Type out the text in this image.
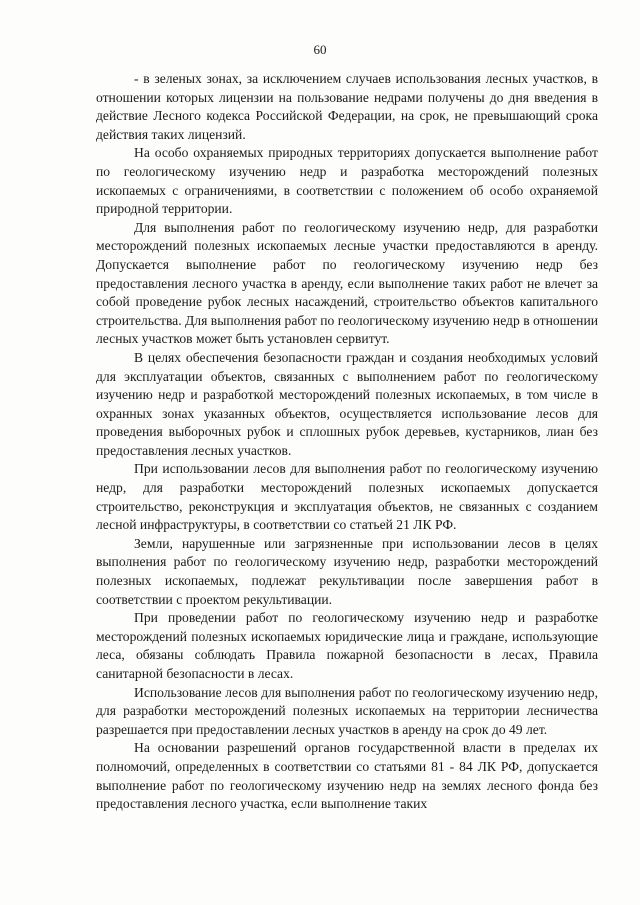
60

- в зеленых зонах, за исключением случаев использования лесных участков, в отношении которых лицензии на пользование недрами получены до дня введения в действие Лесного кодекса Российской Федерации, на срок, не превышающий срока действия таких лицензий.

На особо охраняемых природных территориях допускается выполнение работ по геологическому изучению недр и разработка месторождений полезных ископаемых с ограничениями, в соответствии с положением об особо охраняемой природной территории.

Для выполнения работ по геологическому изучению недр, для разработки месторождений полезных ископаемых лесные участки предоставляются в аренду. Допускается выполнение работ по геологическому изучению недр без предоставления лесного участка в аренду, если выполнение таких работ не влечет за собой проведение рубок лесных насаждений, строительство объектов капитального строительства. Для выполнения работ по геологическому изучению недр в отношении лесных участков может быть установлен сервитут.

В целях обеспечения безопасности граждан и создания необходимых условий для эксплуатации объектов, связанных с выполнением работ по геологическому изучению недр и разработкой месторождений полезных ископаемых, в том числе в охранных зонах указанных объектов, осуществляется использование лесов для проведения выборочных рубок и сплошных рубок деревьев, кустарников, лиан без предоставления лесных участков.

При использовании лесов для выполнения работ по геологическому изучению недр, для разработки месторождений полезных ископаемых допускается строительство, реконструкция и эксплуатация объектов, не связанных с созданием лесной инфраструктуры, в соответствии со статьей 21 ЛК РФ.

Земли, нарушенные или загрязненные при использовании лесов в целях выполнения работ по геологическому изучению недр, разработки месторождений полезных ископаемых, подлежат рекультивации после завершения работ в соответствии с проектом рекультивации.

При проведении работ по геологическому изучению недр и разработке месторождений полезных ископаемых юридические лица и граждане, использующие леса, обязаны соблюдать Правила пожарной безопасности в лесах, Правила санитарной безопасности в лесах.

Использование лесов для выполнения работ по геологическому изучению недр, для разработки месторождений полезных ископаемых на территории лесничества разрешается при предоставлении лесных участков в аренду на срок до 49 лет.

На основании разрешений органов государственной власти в пределах их полномочий, определенных в соответствии со статьями 81 - 84 ЛК РФ, допускается выполнение работ по геологическому изучению недр на землях лесного фонда без предоставления лесного участка, если выполнение таких
